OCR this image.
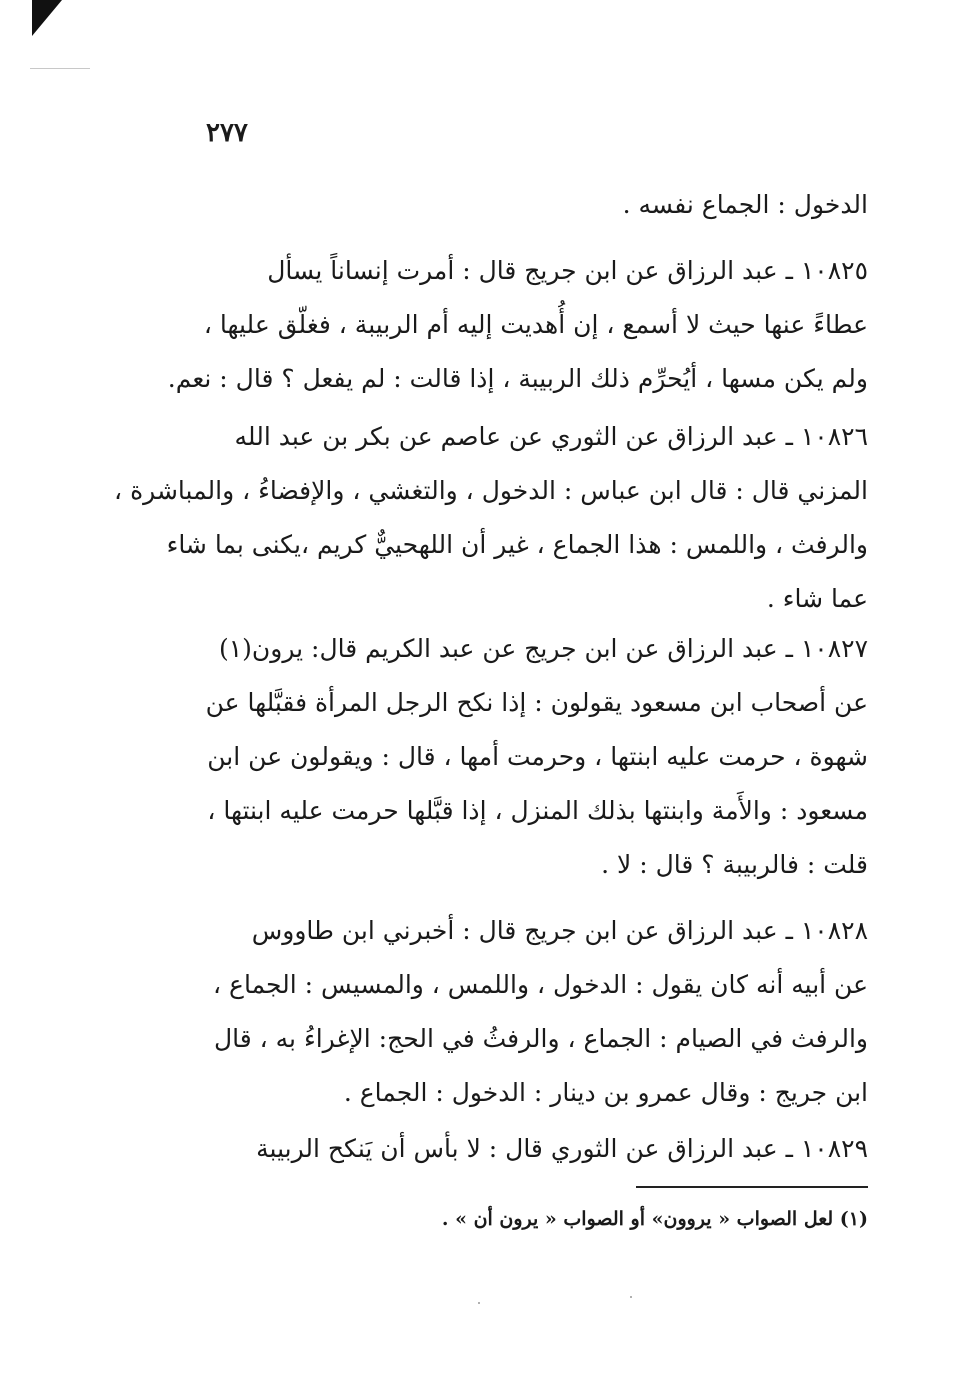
٢٧٧

الدخول : الجماع نفسه .

١٠٨٢٥ ـ عبد الرزاق عن ابن جريج قال : أمرت إنساناً يسأل
عطاءً عنها حيث لا أسمع ، إن أُهديت إليه أم الربيبة ، فغلّق عليها ،
ولم يكن مسها ، أيُحرِّم ذلك الربيبة ، إذا قالت : لم يفعل ؟ قال : نعم.

١٠٨٢٦ ـ عبد الرزاق عن الثوري عن عاصم عن بكر بن عبد الله
المزني قال : قال ابن عباس : الدخول ، والتغشي ، والإفضاءُ ، والمباشرة ،
والرفث ، واللمس : هذا الجماع ، غير أن اللهحييٌّ كريم ،يكنى بما شاء
عما شاء .

١٠٨٢٧ ـ عبد الرزاق عن ابن جريج عن عبد الكريم قال: يرون(١)
عن أصحاب ابن مسعود يقولون : إذا نكح الرجل المرأة فقبَّلها عن
شهوة ، حرمت عليه ابنتها ، وحرمت أمها ، قال : ويقولون عن ابن
مسعود : والأَمة وابنتها بذلك المنزل ، إذا قبَّلها حرمت عليه ابنتها ،
قلت : فالربيبة ؟ قال : لا .

١٠٨٢٨ ـ عبد الرزاق عن ابن جريج قال : أخبرني ابن طاووس
عن أبيه أنه كان يقول : الدخول ، واللمس ، والمسيس : الجماع ،
والرفث في الصيام : الجماع ، والرفثُ في الحج: الإغراءُ به ، قال
ابن جريج : وقال عمرو بن دينار : الدخول : الجماع .

١٠٨٢٩ ـ عبد الرزاق عن الثوري قال : لا بأس أن يَنكح الربيبة

(١) لعل الصواب « يروون» أو الصواب « يرون أن » .
